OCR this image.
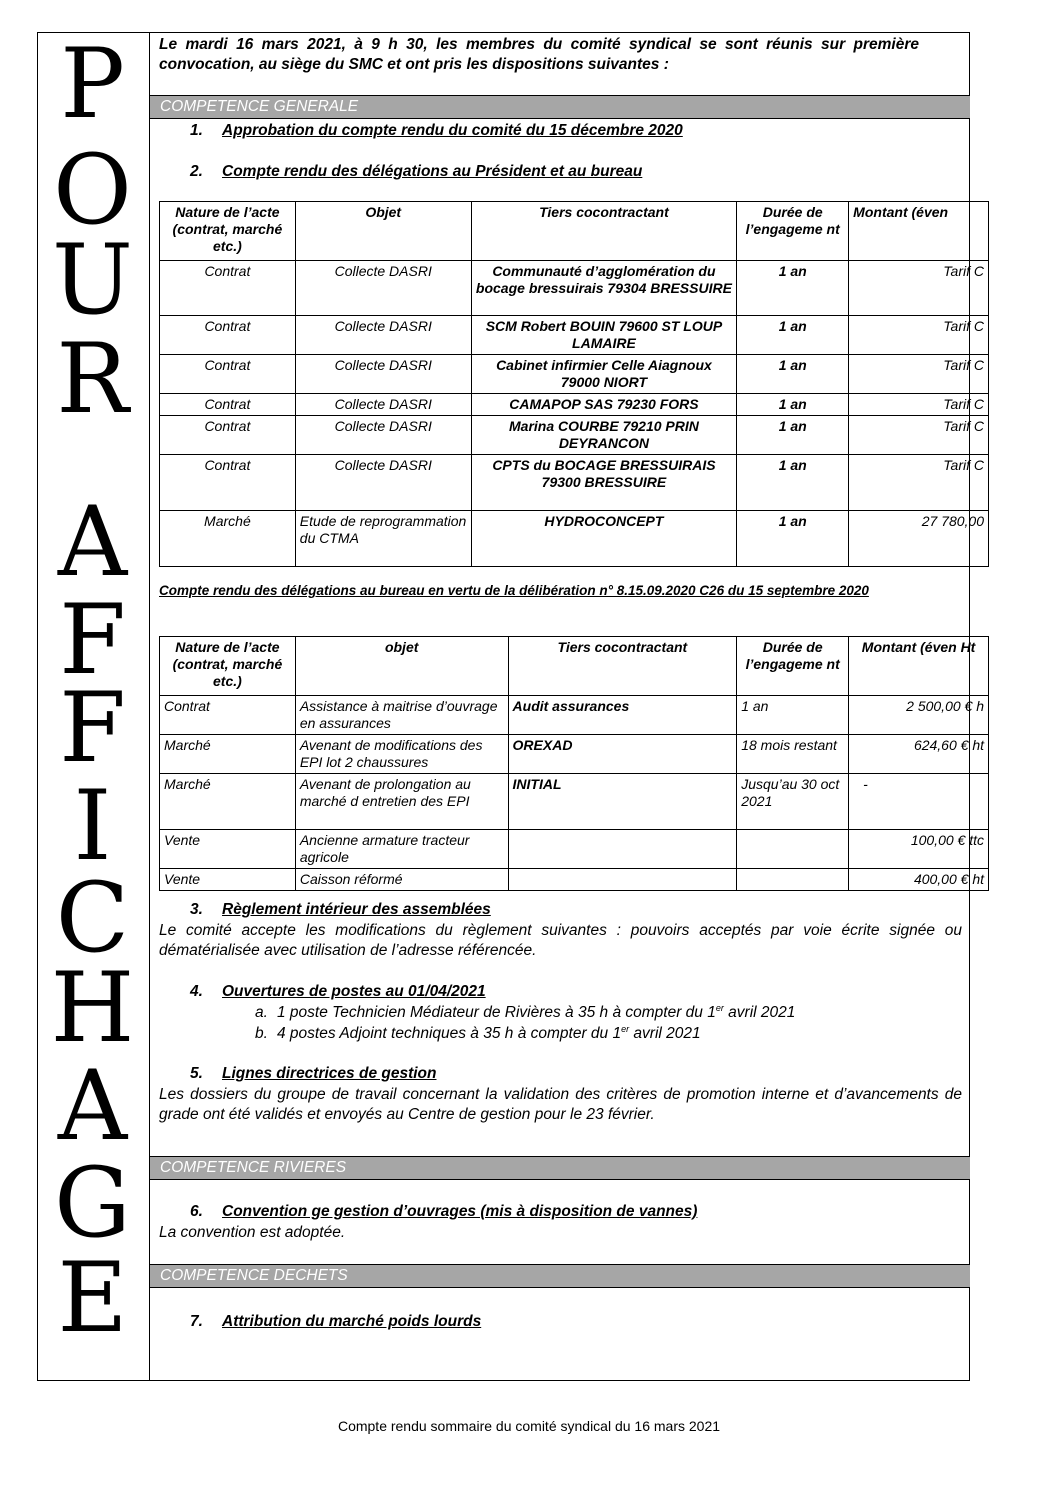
P
O
U
R
A
F
F
I
C
H
A
G
E
Le mardi 16 mars 2021, à 9 h 30, les membres du comité syndical se sont réunis sur première convocation, au siège du SMC et ont pris les dispositions suivantes :
COMPETENCE GENERALE
1. Approbation du compte rendu du comité du 15 décembre 2020
2. Compte rendu des délégations au Président et au bureau
Nature de l’acte (contrat, marché etc.)	Objet	Tiers cocontractant	Durée de l’engageme nt	Montant (éven
Contrat	Collecte DASRI	Communauté d’agglomération du bocage bressuirais 79304 BRESSUIRE	1 an	Tarif C
Contrat	Collecte DASRI	SCM Robert BOUIN 79600 ST LOUP LAMAIRE	1 an	Tarif C
Contrat	Collecte DASRI	Cabinet infirmier Celle Aiagnoux 79000 NIORT	1 an	Tarif C
Contrat	Collecte DASRI	CAMAPOP SAS 79230 FORS	1 an	Tarif C
Contrat	Collecte DASRI	Marina COURBE 79210 PRIN DEYRANCON	1 an	Tarif C
Contrat	Collecte DASRI	CPTS du BOCAGE BRESSUIRAIS 79300 BRESSUIRE	1 an	Tarif C
Marché	Etude de reprogrammation du CTMA	HYDROCONCEPT	1 an	27 780,00
Compte rendu des délégations au bureau en vertu de la délibération n° 8.15.09.2020 C26 du 15 septembre 2020
Nature de l’acte (contrat, marché etc.)	objet	Tiers cocontractant	Durée de l’engageme nt	Montant (éven Ht
Contrat	Assistance à maitrise d’ouvrage en assurances	Audit assurances	1 an	2 500,00 € h
Marché	Avenant de modifications des EPI lot 2 chaussures	OREXAD	18 mois restant	624,60 € ht
Marché	Avenant de prolongation au marché d entretien des EPI	INITIAL	Jusqu’au 30 oct 2021	-
Vente	Ancienne armature tracteur agricole			100,00 € ttc
Vente	Caisson réformé			400,00 € ht
3. Règlement intérieur des assemblées
Le comité accepte les modifications du règlement suivantes : pouvoirs acceptés par voie écrite signée ou dématérialisée avec utilisation de l’adresse référencée.
4. Ouvertures de postes au 01/04/2021
a. 1 poste Technicien Médiateur de Rivières à 35 h à compter du 1er avril 2021
b. 4 postes Adjoint techniques à 35 h à compter du 1er avril 2021
5. Lignes directrices de gestion
Les dossiers du groupe de travail concernant la validation des critères de promotion interne et d’avancements de grade ont été validés et envoyés au Centre de gestion pour le 23 février.
COMPETENCE RIVIERES
6. Convention ge gestion d’ouvrages (mis à disposition de vannes)
La convention est adoptée.
COMPETENCE DECHETS
7. Attribution du marché poids lourds
Compte rendu sommaire du comité syndical du 16 mars 2021
